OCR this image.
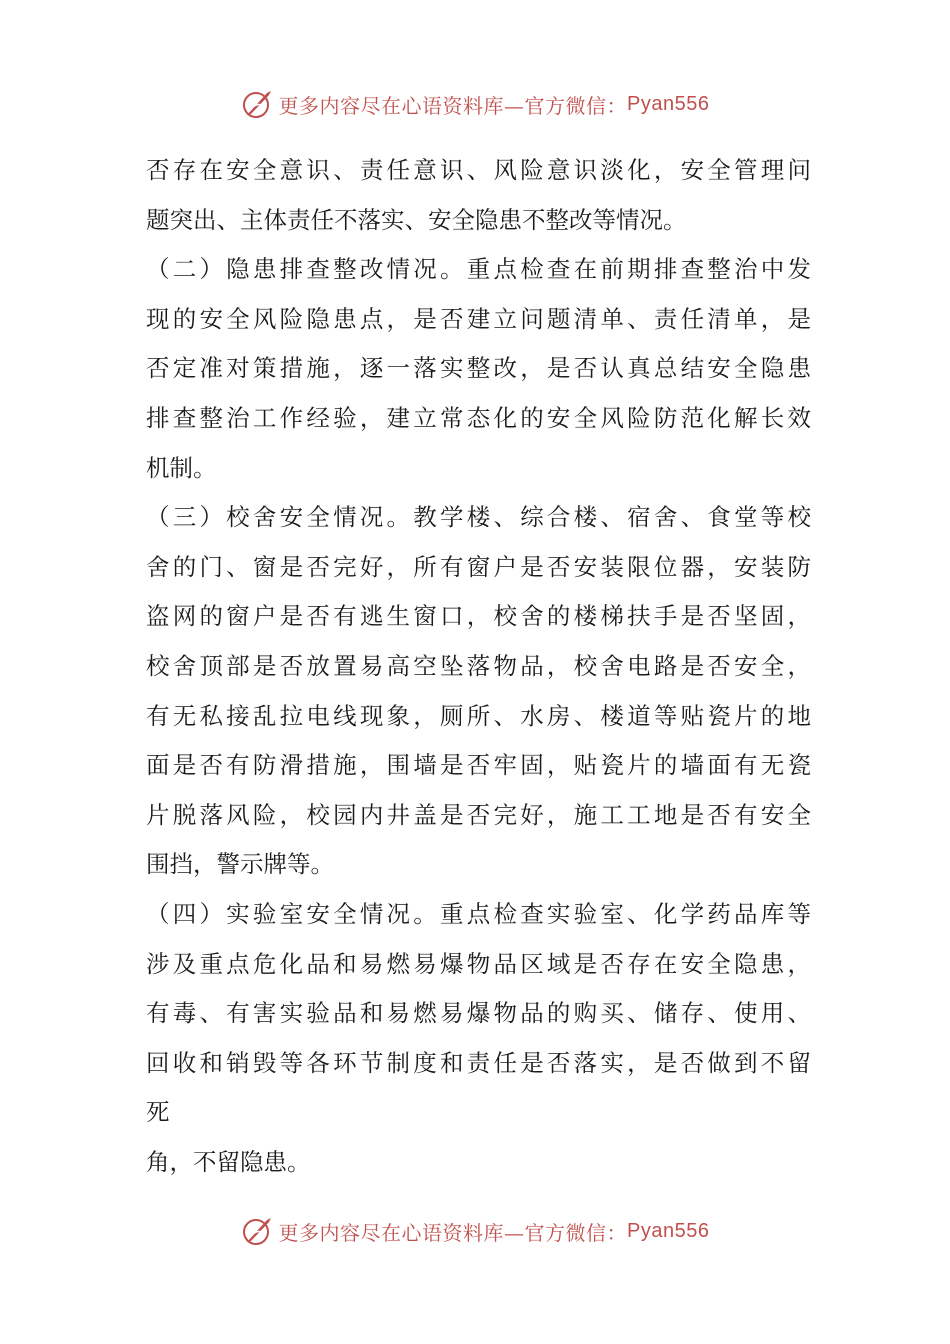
更多内容尽在心语资料库—官方微信： Pyan556
否存在安全意识、责任意识、风险意识淡化，安全管理问
题突出、主体责任不落实、安全隐患不整改等情况。
（二）隐患排查整改情况。重点检查在前期排查整治中发
现的安全风险隐患点，是否建立问题清单、责任清单，是
否定准对策措施，逐一落实整改，是否认真总结安全隐患
排查整治工作经验，建立常态化的安全风险防范化解长效
机制。
（三）校舍安全情况。教学楼、综合楼、宿舍、食堂等校
舍的门、窗是否完好，所有窗户是否安装限位器，安装防
盗网的窗户是否有逃生窗口，校舍的楼梯扶手是否坚固，
校舍顶部是否放置易高空坠落物品，校舍电路是否安全，
有无私接乱拉电线现象，厕所、水房、楼道等贴瓷片的地
面是否有防滑措施，围墙是否牢固，贴瓷片的墙面有无瓷
片脱落风险，校园内井盖是否完好，施工工地是否有安全
围挡，警示牌等。
（四）实验室安全情况。重点检查实验室、化学药品库等
涉及重点危化品和易燃易爆物品区域是否存在安全隐患，
有毒、有害实验品和易燃易爆物品的购买、储存、使用、
回收和销毁等各环节制度和责任是否落实，是否做到不留
死
角，不留隐患。
更多内容尽在心语资料库—官方微信： Pyan556
